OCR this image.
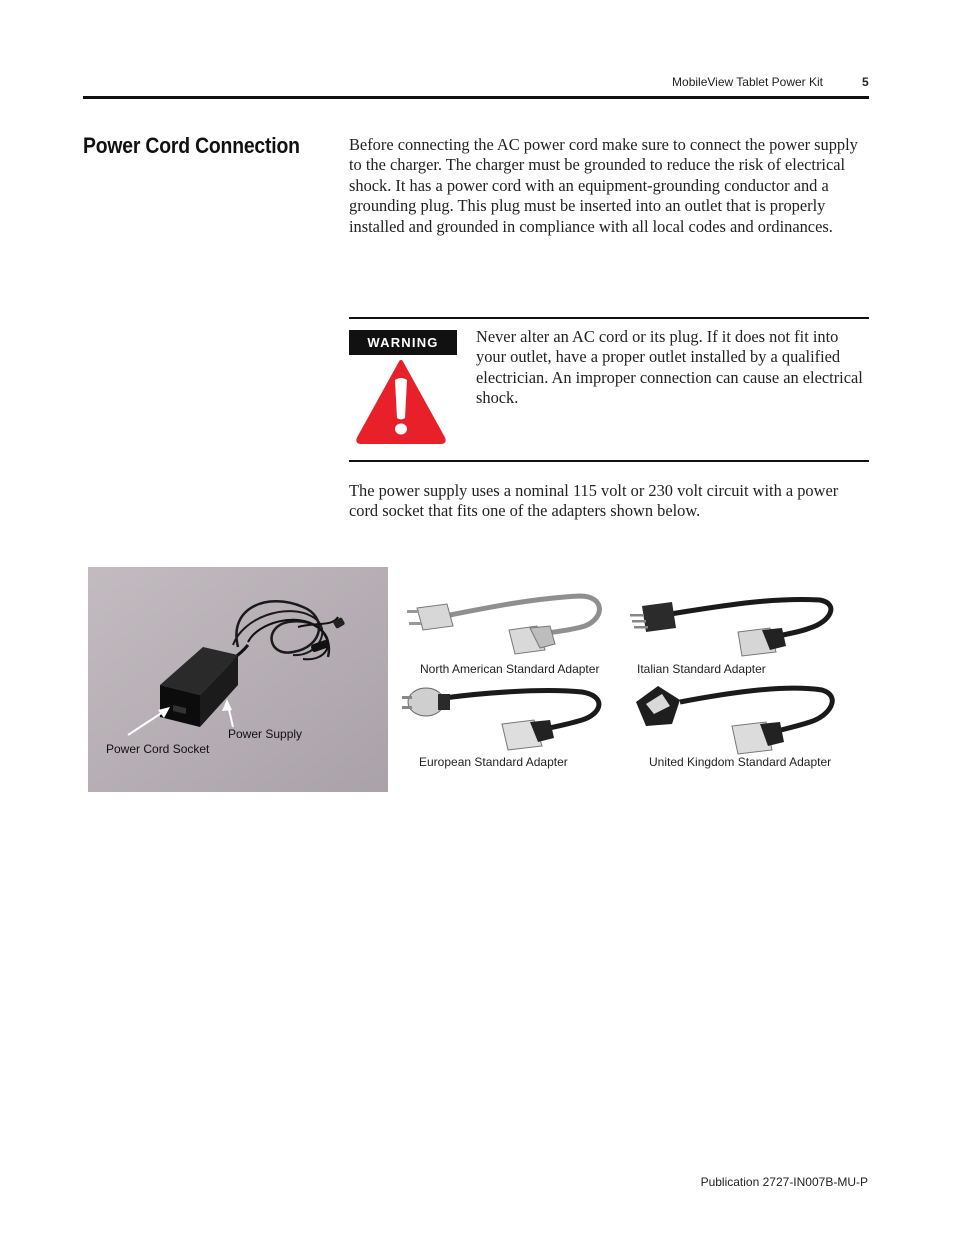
MobileView Tablet Power Kit	5
Power Cord Connection	Before connecting the AC power cord make sure to connect the power supply to the charger. The charger must be grounded to reduce the risk of electrical shock. It has a power cord with an equipment-grounding conductor and a grounding plug. This plug must be inserted into an outlet that is properly installed and grounded in compliance with all local codes and ordinances.
WARNING	Never alter an AC cord or its plug. If it does not fit into your outlet, have a proper outlet installed by a qualified electrician. An improper connection can cause an electrical shock.
The power supply uses a nominal 115 volt or 230 volt circuit with a power cord socket that fits one of the adapters shown below.
Power Cord Socket
Power Supply
North American Standard Adapter	Italian Standard Adapter
European Standard Adapter	United Kingdom Standard Adapter
Publication 2727-IN007B-MU-P
